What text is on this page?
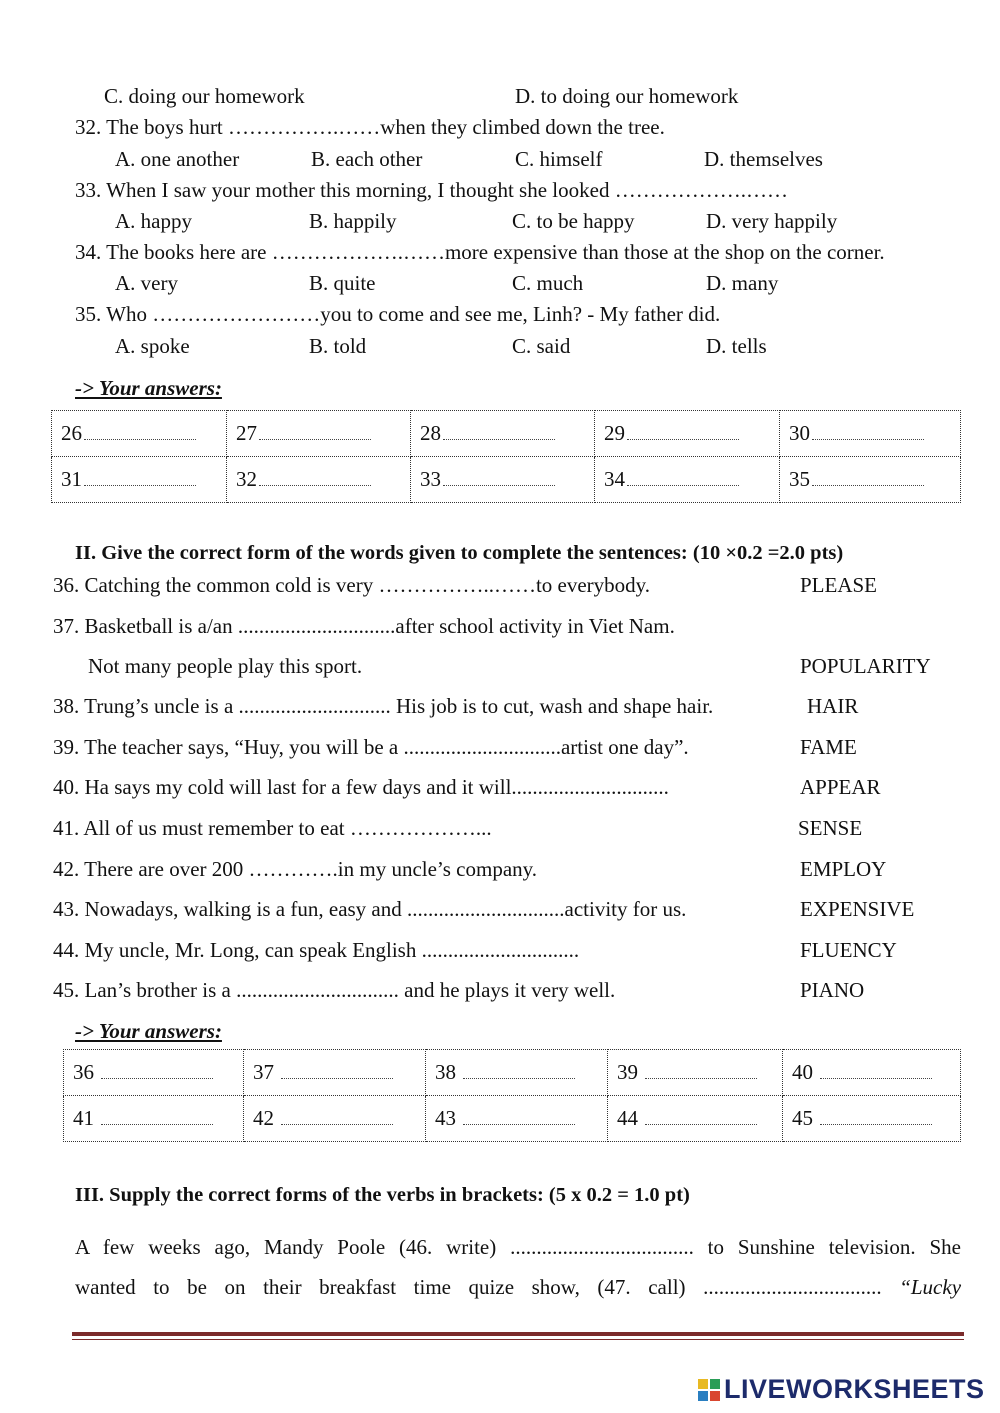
C. doing our homework	D. to doing our homework
32. The boys hurt …………….……when they climbed down the tree.
A. one another	B. each other	C. himself	D. themselves
33. When I saw your mother this morning, I thought she looked ……………….……
A. happy	B. happily	C. to be happy	D. very happily
34. The books here are ……………….……more expensive than those at the shop on the corner.
A. very	B. quite	C. much	D. many
35. Who ……………………you to come and see me, Linh? - My father did.
A. spoke	B. told	C. said	D. tells
-> Your answers:
26	27	28	29	30
31	32	33	34	35
II. Give the correct form of the words given to complete the sentences: (10 ×0.2 =2.0 pts)
36. Catching the common cold is very ……………..……to everybody.	PLEASE
37. Basketball is a/an ..............................after school activity in Viet Nam.
Not many people play this sport.	POPULARITY
38. Trung’s uncle is a ............................. His job is to cut, wash and shape hair.	HAIR
39. The teacher says, “Huy, you will be a ..............................artist one day”.	FAME
40. Ha says my cold will last for a few days and it will..............................	APPEAR
41. All of us must remember to eat ………………...	SENSE
42. There are over 200 ………….in my uncle’s company.	EMPLOY
43. Nowadays, walking is a fun, easy and ..............................activity for us.	EXPENSIVE
44. My uncle, Mr. Long, can speak English ..............................	FLUENCY
45. Lan’s brother is a ............................... and he plays it very well.	PIANO
-> Your answers:
36	37	38	39	40
41	42	43	44	45
III. Supply the correct forms of the verbs in brackets: (5 x 0.2 = 1.0 pt)
A few weeks ago, Mandy Poole (46. write) ................................... to Sunshine television. She
wanted to be on their breakfast time quize show, (47. call) .................................. “Lucky
LIVEWORKSHEETS
